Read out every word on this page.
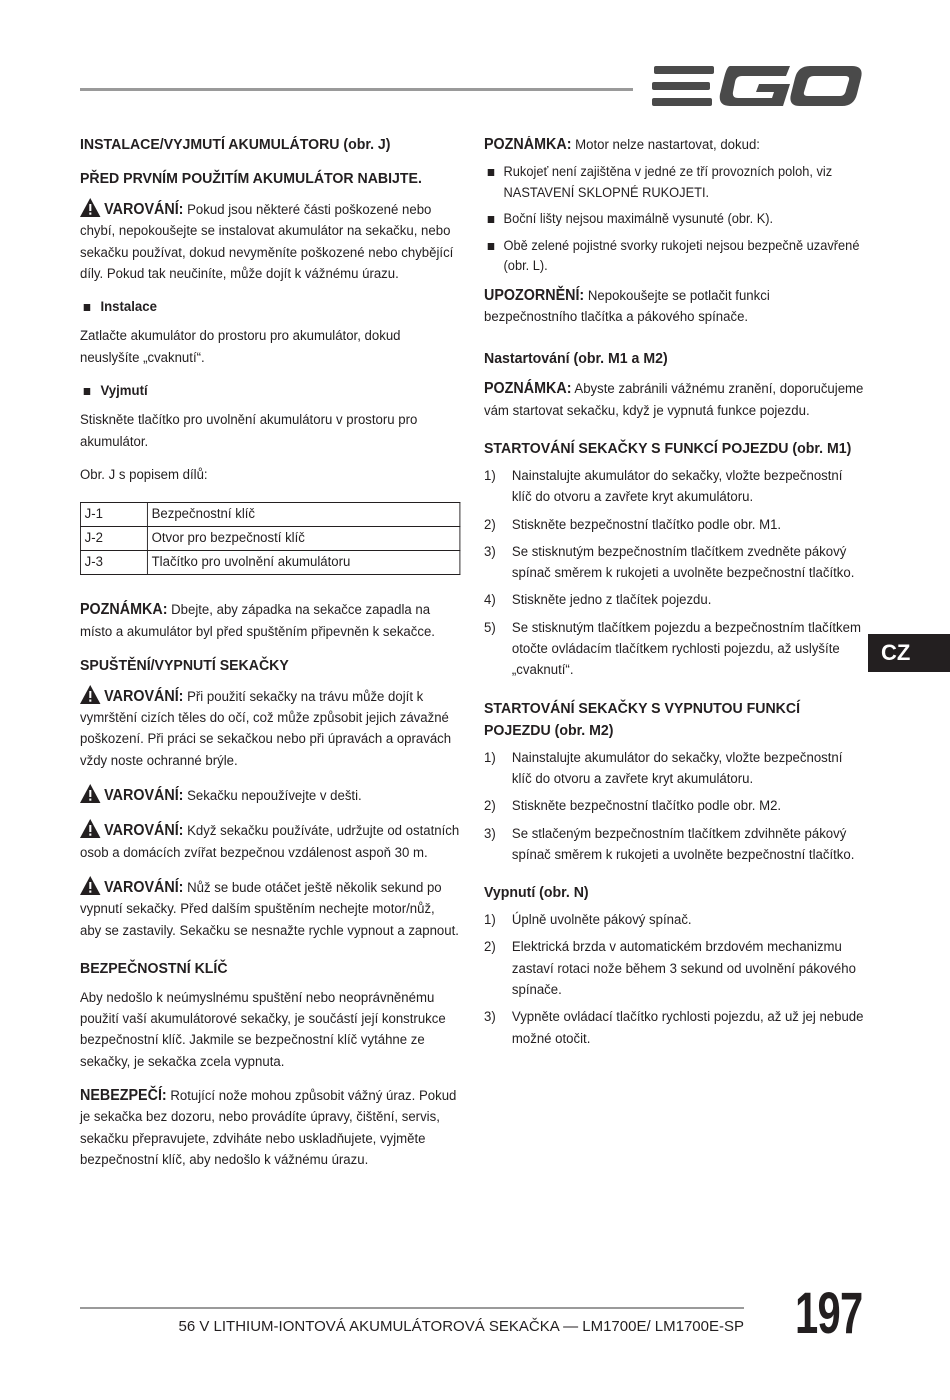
INSTALACE/VYJMUTÍ AKUMULÁTORU (obr. J)
PŘED PRVNÍM POUŽITÍM AKUMULÁTOR NABIJTE.

VAROVÁNÍ: Pokud jsou některé části poškozené nebo chybí, nepokoušejte se instalovat akumulátor na sekačku, nebo sekačku používat, dokud nevyměníte poškozené nebo chybějící díly. Pokud tak neučiníte, může dojít k vážnému úrazu.

Instalace

Zatlačte akumulátor do prostoru pro akumulátor, dokud neuslyšíte „cvaknutí“.

Vyjmutí

Stiskněte tlačítko pro uvolnění akumulátoru v prostoru pro akumulátor.

Obr. J s popisem dílů:

J-1	Bezpečnostní klíč
J-2	Otvor pro bezpečností klíč
J-3	Tlačítko pro uvolnění akumulátoru

POZNÁMKA: Dbejte, aby západka na sekačce zapadla na místo a akumulátor byl před spuštěním připevněn k sekačce.

SPUŠTĚNÍ/VYPNUTÍ SEKAČKY

VAROVÁNÍ: Při použití sekačky na trávu může dojít k vymrštění cizích těles do očí, což může způsobit jejich závažné poškození. Při práci se sekačkou nebo při úpravách a opravách vždy noste ochranné brýle.

VAROVÁNÍ: Sekačku nepoužívejte v dešti.

VAROVÁNÍ: Když sekačku používáte, udržujte od ostatních osob a domácích zvířat bezpečnou vzdálenost aspoň 30 m.

VAROVÁNÍ: Nůž se bude otáčet ještě několik sekund po vypnutí sekačky. Před dalším spuštěním nechejte motor/nůž, aby se zastavily. Sekačku se nesnažte rychle vypnout a zapnout.

BEZPEČNOSTNÍ KLÍČ

Aby nedošlo k neúmyslnému spuštění nebo neoprávněnému použití vaší akumulátorové sekačky, je součástí její konstrukce bezpečnostní klíč. Jakmile se bezpečnostní klíč vytáhne ze sekačky, je sekačka zcela vypnuta.

NEBEZPEČÍ: Rotující nože mohou způsobit vážný úraz. Pokud je sekačka bez dozoru, nebo provádíte úpravy, čištění, servis, sekačku přepravujete, zdviháte nebo uskladňujete, vyjměte bezpečnostní klíč, aby nedošlo k vážnému úrazu.

POZNÁMKA: Motor nelze nastartovat, dokud:

Rukojeť není zajištěna v jedné ze tří provozních poloh, viz NASTAVENÍ SKLOPNÉ RUKOJETI.
Boční lišty nejsou maximálně vysunuté (obr. K).
Obě zelené pojistné svorky rukojeti nejsou bezpečně uzavřené (obr. L).

UPOZORNĚNÍ: Nepokoušejte se potlačit funkci bezpečnostního tlačítka a pákového spínače.

Nastartování (obr. M1 a M2)

POZNÁMKA: Abyste zabránili vážnému zranění, doporučujeme vám startovat sekačku, když je vypnutá funkce pojezdu.

STARTOVÁNÍ SEKAČKY S FUNKCÍ POJEZDU (obr. M1)
1)	Nainstalujte akumulátor do sekačky, vložte bezpečnostní klíč do otvoru a zavřete kryt akumulátoru.
2)	Stiskněte bezpečnostní tlačítko podle obr. M1.
3)	Se stisknutým bezpečnostním tlačítkem zvedněte pákový spínač směrem k rukojeti a uvolněte bezpečnostní tlačítko.
4)	Stiskněte jedno z tlačítek pojezdu.
5)	Se stisknutým tlačítkem pojezdu a bezpečnostním tlačítkem otočte ovládacím tlačítkem rychlosti pojezdu, až uslyšíte „cvaknutí“.
STARTOVÁNÍ SEKAČKY S VYPNUTOU FUNKCÍ POJEZDU (obr. M2)
1)	Nainstalujte akumulátor do sekačky, vložte bezpečnostní klíč do otvoru a zavřete kryt akumulátoru.
2)	Stiskněte bezpečnostní tlačítko podle obr. M2.
3)	Se stlačeným bezpečnostním tlačítkem zdvihněte pákový spínač směrem k rukojeti a uvolněte bezpečnostní tlačítko.
Vypnutí (obr. N)
1)	Úplně uvolněte pákový spínač.
2)	Elektrická brzda v automatickém brzdovém mechanizmu zastaví rotaci nože během 3 sekund od uvolnění pákového spínače.
3)	Vypněte ovládací tlačítko rychlosti pojezdu, až už jej nebude možné otočit.
CZ
56 V LITHIUM-IONTOVÁ AKUMULÁTOROVÁ SEKAČKA — LM1700E/ LM1700E-SP 197
